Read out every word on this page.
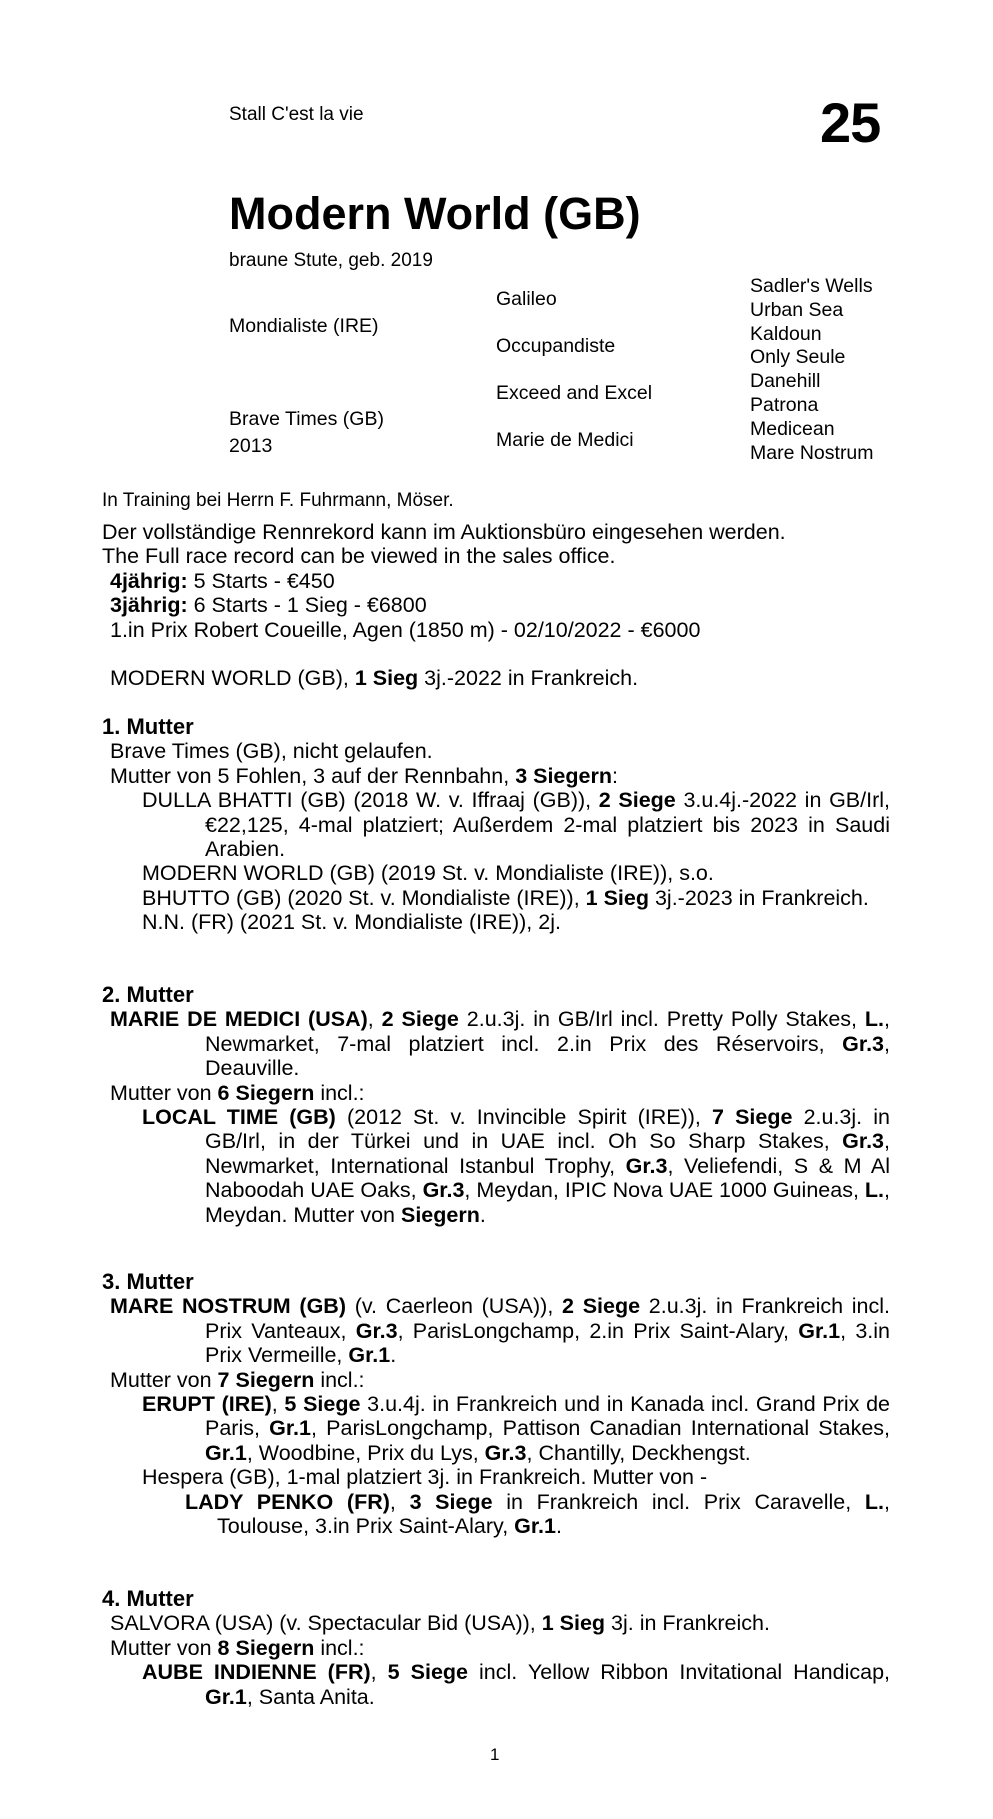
Stall C'est la vie	25
Modern World (GB)
braune Stute, geb. 2019
Mondialiste (IRE)
Brave Times (GB)
2013
Galileo
Occupandiste
Exceed and Excel
Marie de Medici
Sadler's Wells
Urban Sea
Kaldoun
Only Seule
Danehill
Patrona
Medicean
Mare Nostrum
In Training bei Herrn F. Fuhrmann, Möser.

Der vollständige Rennrekord kann im Auktionsbüro eingesehen werden.

The Full race record can be viewed in the sales office.

4jährig: 5 Starts - €450

3jährig: 6 Starts - 1 Sieg - €6800

1.in Prix Robert Coueille, Agen (1850 m) - 02/10/2022 - €6000

MODERN WORLD (GB), 1 Sieg 3j.-2022 in Frankreich.

1. Mutter

Brave Times (GB), nicht gelaufen.

Mutter von 5 Fohlen, 3 auf der Rennbahn, 3 Siegern:

DULLA BHATTI (GB) (2018 W. v. Iffraaj (GB)), 2 Siege 3.u.4j.-2022 in GB/Irl, €22,125, 4-mal platziert; Außerdem 2-mal platziert bis 2023 in Saudi Arabien.

MODERN WORLD (GB) (2019 St. v. Mondialiste (IRE)), s.o.

BHUTTO (GB) (2020 St. v. Mondialiste (IRE)), 1 Sieg 3j.-2023 in Frankreich.

N.N. (FR) (2021 St. v. Mondialiste (IRE)), 2j.

2. Mutter

MARIE DE MEDICI (USA), 2 Siege 2.u.3j. in GB/Irl incl. Pretty Polly Stakes, L., Newmarket, 7-mal platziert incl. 2.in Prix des Réservoirs, Gr.3, Deauville.

Mutter von 6 Siegern incl.:

LOCAL TIME (GB) (2012 St. v. Invincible Spirit (IRE)), 7 Siege 2.u.3j. in GB/Irl, in der Türkei und in UAE incl. Oh So Sharp Stakes, Gr.3, Newmarket, International Istanbul Trophy, Gr.3, Veliefendi, S & M Al Naboodah UAE Oaks, Gr.3, Meydan, IPIC Nova UAE 1000 Guineas, L., Meydan. Mutter von Siegern.

3. Mutter

MARE NOSTRUM (GB) (v. Caerleon (USA)), 2 Siege 2.u.3j. in Frankreich incl. Prix Vanteaux, Gr.3, ParisLongchamp, 2.in Prix Saint-Alary, Gr.1, 3.in Prix Vermeille, Gr.1.

Mutter von 7 Siegern incl.:

ERUPT (IRE), 5 Siege 3.u.4j. in Frankreich und in Kanada incl. Grand Prix de Paris, Gr.1, ParisLongchamp, Pattison Canadian International Stakes, Gr.1, Woodbine, Prix du Lys, Gr.3, Chantilly, Deckhengst.

Hespera (GB), 1-mal platziert 3j. in Frankreich. Mutter von -

LADY PENKO (FR), 3 Siege in Frankreich incl. Prix Caravelle, L., Toulouse, 3.in Prix Saint-Alary, Gr.1.

4. Mutter

SALVORA (USA) (v. Spectacular Bid (USA)), 1 Sieg 3j. in Frankreich.

Mutter von 8 Siegern incl.:

AUBE INDIENNE (FR), 5 Siege incl. Yellow Ribbon Invitational Handicap, Gr.1, Santa Anita.

1
